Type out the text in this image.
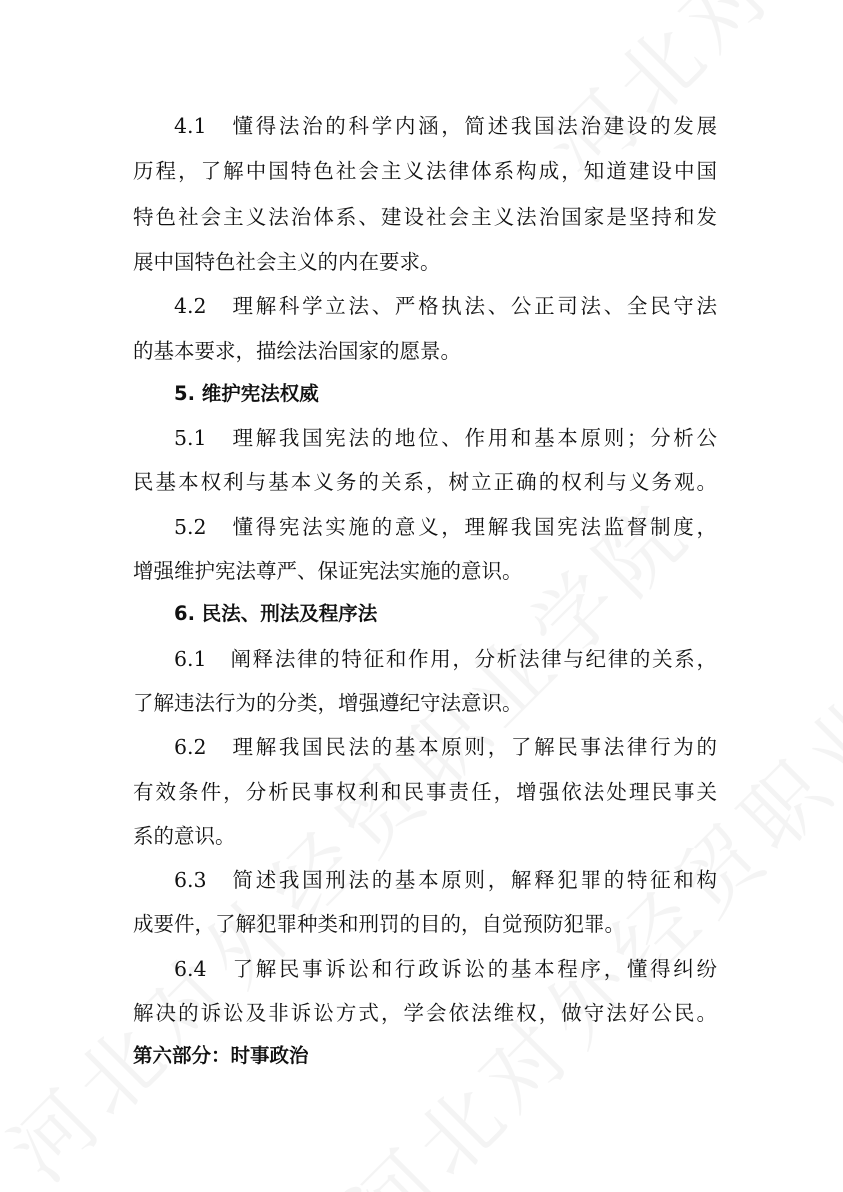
4.1　懂得法治的科学内涵，简述我国法治建设的发展
历程，了解中国特色社会主义法律体系构成，知道建设中国
特色社会主义法治体系、建设社会主义法治国家是坚持和发
展中国特色社会主义的内在要求。
4.2　理解科学立法、严格执法、公正司法、全民守法
的基本要求，描绘法治国家的愿景。
5. 维护宪法权威
5.1　理解我国宪法的地位、作用和基本原则；分析公
民基本权利与基本义务的关系，树立正确的权利与义务观。
5.2　懂得宪法实施的意义，理解我国宪法监督制度，
增强维护宪法尊严、保证宪法实施的意识。
6. 民法、刑法及程序法
6.1　阐释法律的特征和作用，分析法律与纪律的关系，
了解违法行为的分类，增强遵纪守法意识。
6.2　理解我国民法的基本原则，了解民事法律行为的
有效条件，分析民事权利和民事责任，增强依法处理民事关
系的意识。
6.3　简述我国刑法的基本原则，解释犯罪的特征和构
成要件，了解犯罪种类和刑罚的目的，自觉预防犯罪。
6.4　了解民事诉讼和行政诉讼的基本程序，懂得纠纷
解决的诉讼及非诉讼方式，学会依法维权，做守法好公民。
第六部分：时事政治
